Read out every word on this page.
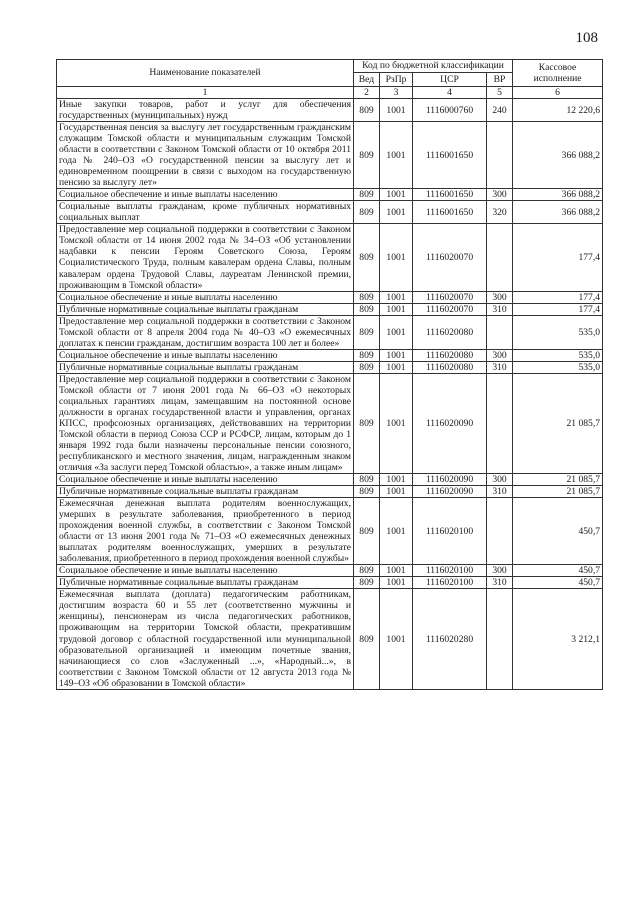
108
Наименование показателей	Код по бюджетной классификации				Кассовое исполнение
	Вед	РзПр	ЦСР	ВР	
1	2	3	4	5	6
Иные закупки товаров, работ и услуг для обеспечения государственных (муниципальных) нужд	809	1001	1116000760	240	12 220,6
Государственная пенсия за выслугу лет государственным гражданским служащим Томской области и муниципальным служащим Томской области в соответствии с Законом Томской области от 10 октября 2011 года № 240–ОЗ «О государственной пенсии за выслугу лет и единовременном поощрении в связи с выходом на государственную пенсию за выслугу лет»	809	1001	1116001650		366 088,2
Социальное обеспечение и иные выплаты населению	809	1001	1116001650	300	366 088,2
Социальные выплаты гражданам, кроме публичных нормативных социальных выплат	809	1001	1116001650	320	366 088,2
Предоставление мер социальной поддержки в соответствии с Законом Томской области от 14 июня 2002 года № 34–ОЗ «Об установлении надбавки к пенсии Героям Советского Союза, Героям Социалистического Труда, полным кавалерам ордена Славы, полным кавалерам ордена Трудовой Славы, лауреатам Ленинской премии, проживающим в Томской области»	809	1001	1116020070		177,4
Социальное обеспечение и иные выплаты населению	809	1001	1116020070	300	177,4
Публичные нормативные социальные выплаты гражданам	809	1001	1116020070	310	177,4
Предоставление мер социальной поддержки в соответствии с Законом Томской области от 8 апреля 2004 года № 40–ОЗ «О ежемесячных доплатах к пенсии гражданам, достигшим возраста 100 лет и более»	809	1001	1116020080		535,0
Социальное обеспечение и иные выплаты населению	809	1001	1116020080	300	535,0
Публичные нормативные социальные выплаты гражданам	809	1001	1116020080	310	535,0
Предоставление мер социальной поддержки в соответствии с Законом Томской области от 7 июня 2001 года № 66–ОЗ «О некоторых социальных гарантиях лицам, замещавшим на постоянной основе должности в органах государственной власти и управления, органах КПСС, профсоюзных организациях, действовавших на территории Томской области в период Союза ССР и РСФСР, лицам, которым до 1 января 1992 года были назначены персональные пенсии союзного, республиканского и местного значения, лицам, награжденным знаком отличия «За заслуги перед Томской областью», а также иным лицам»	809	1001	1116020090		21 085,7
Социальное обеспечение и иные выплаты населению	809	1001	1116020090	300	21 085,7
Публичные нормативные социальные выплаты гражданам	809	1001	1116020090	310	21 085,7
Ежемесячная денежная выплата родителям военнослужащих, умерших в результате заболевания, приобретенного в период прохождения военной службы, в соответствии с Законом Томской области от 13 июня 2001 года № 71–ОЗ «О ежемесячных денежных выплатах родителям военнослужащих, умерших в результате заболевания, приобретенного в период прохождения военной службы»	809	1001	1116020100		450,7
Социальное обеспечение и иные выплаты населению	809	1001	1116020100	300	450,7
Публичные нормативные социальные выплаты гражданам	809	1001	1116020100	310	450,7
Ежемесячная выплата (доплата) педагогическим работникам, достигшим возраста 60 и 55 лет (соответственно мужчины и женщины), пенсионерам из числа педагогических работников, проживающим на территории Томской области, прекратившим трудовой договор с областной государственной или муниципальной образовательной организацией и имеющим почетные звания, начинающиеся со слов «Заслуженный ...», «Народный...», в соответствии с Законом Томской области от 12 августа 2013 года № 149–ОЗ «Об образовании в Томской области»	809	1001	1116020280		3 212,1
